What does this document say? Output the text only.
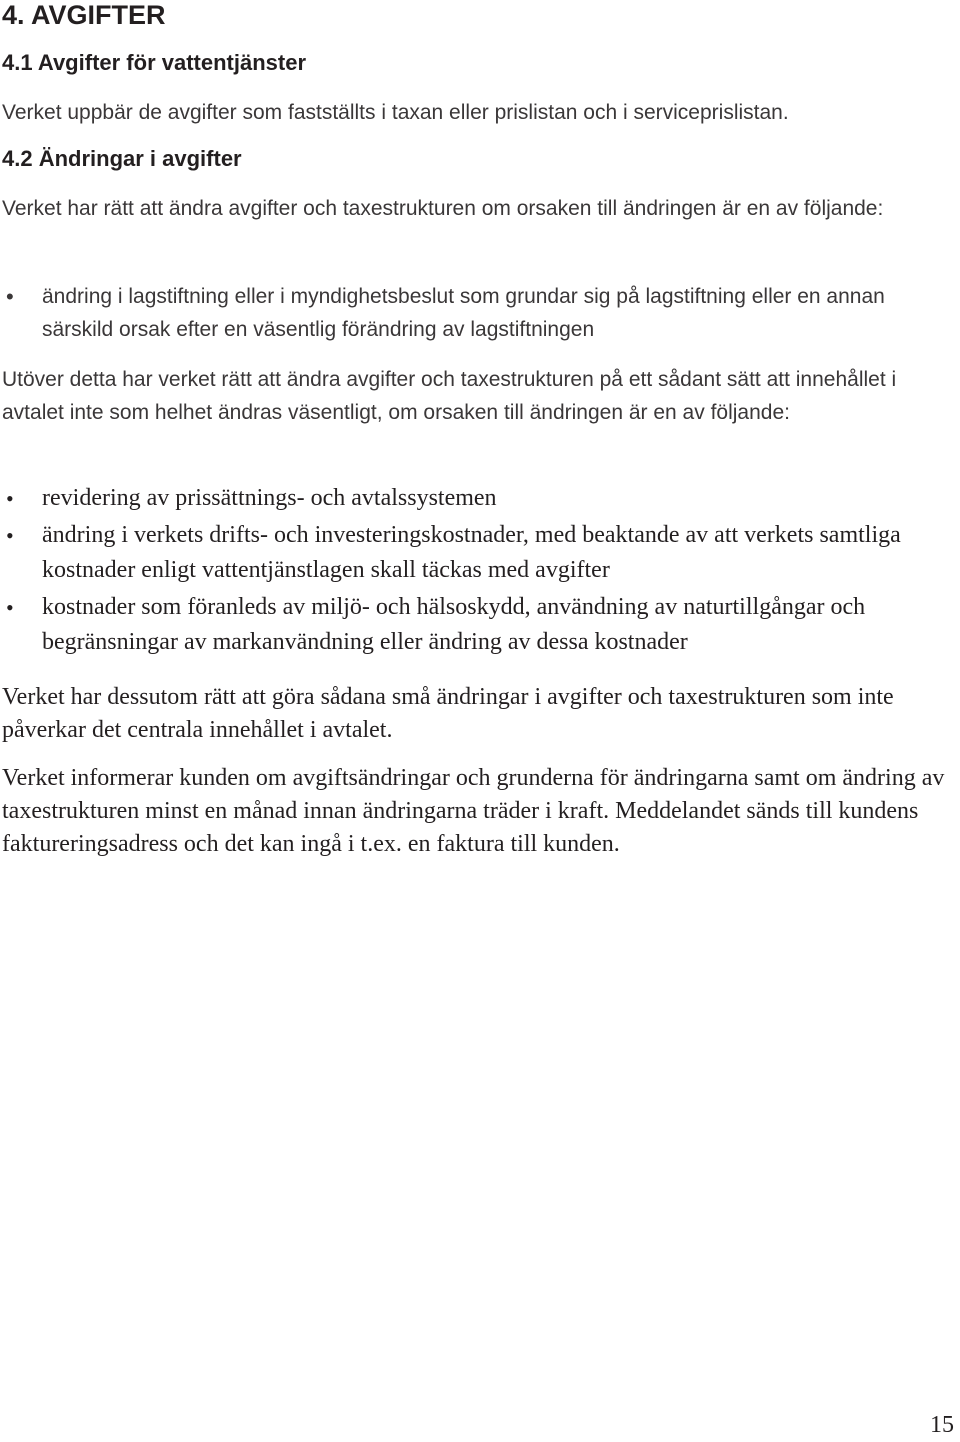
4. AVGIFTER
4.1 Avgifter för vattentjänster

Verket uppbär de avgifter som fastställts i taxan eller prislistan och i serviceprislistan.

4.2 Ändringar i avgifter

Verket har rätt att ändra avgifter och taxestrukturen om orsaken till ändringen är en av följande:

• ändring i lagstiftning eller i myndighetsbeslut som grundar sig på lagstiftning eller en annan särskild orsak efter en väsentlig förändring av lagstiftningen

Utöver detta har verket rätt att ändra avgifter och taxestrukturen på ett sådant sätt att innehållet i avtalet inte som helhet ändras väsentligt, om orsaken till ändringen är en av följande:

• revidering av prissättnings- och avtalssystemen
• ändring i verkets drifts- och investeringskostnader, med beaktande av att verkets samtliga kostnader enligt vattentjänstlagen skall täckas med avgifter
• kostnader som föranleds av miljö- och hälsoskydd, användning av naturtillgångar och begränsningar av markanvändning eller ändring av dessa kostnader

Verket har dessutom rätt att göra sådana små ändringar i avgifter och taxestrukturen som inte påverkar det centrala innehållet i avtalet.

Verket informerar kunden om avgiftsändringar och grunderna för ändringarna samt om ändring av taxestrukturen minst en månad innan ändringarna träder i kraft. Meddelandet sänds till kundens faktureringsadress och det kan ingå i t.ex. en faktura till kunden.

15
